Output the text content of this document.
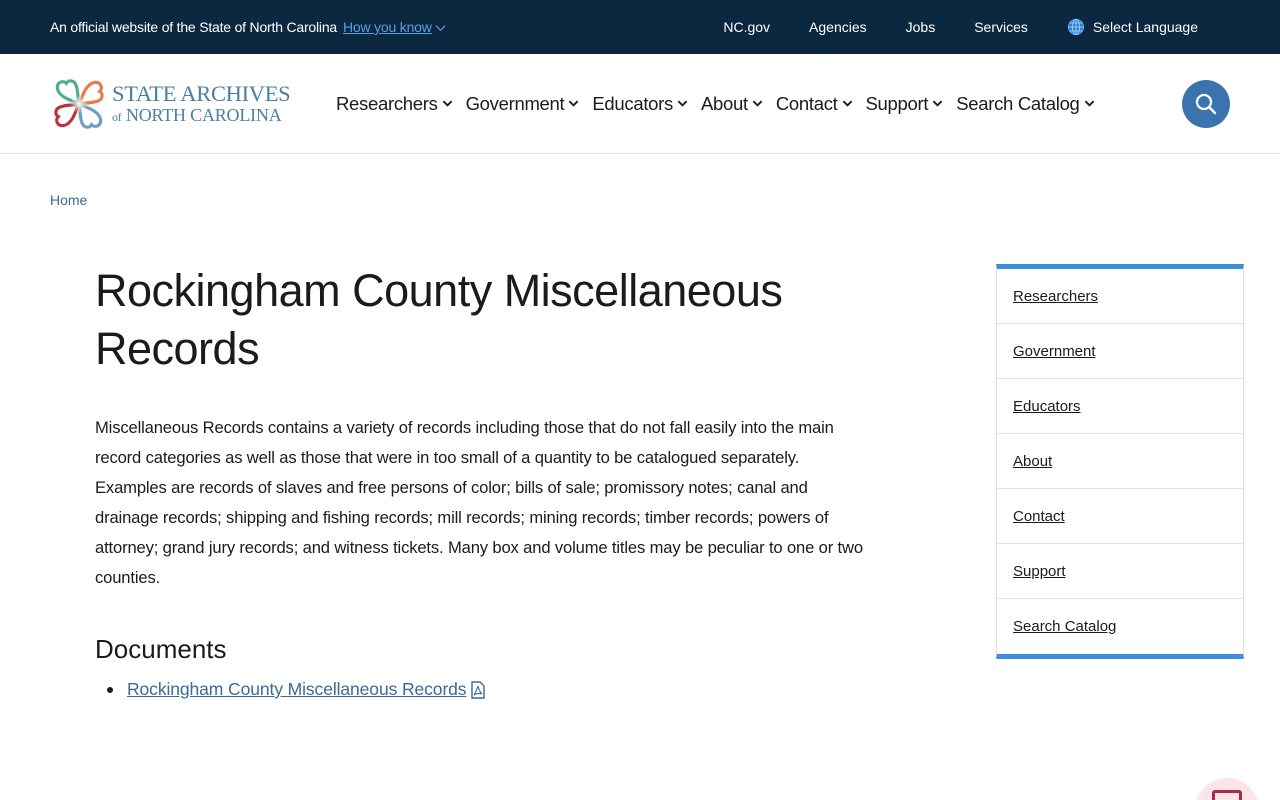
An official website of the State of North Carolina How you know	NC.gov	Agencies	Jobs	Services	Select Language
STATE ARCHIVES
of NORTH CAROLINA
Researchers Government Educators About Contact Support Search Catalog
Home
Rockingham County Miscellaneous Records

Miscellaneous Records contains a variety of records including those that do not fall easily into the main record categories as well as those that were in too small of a quantity to be catalogued separately. Examples are records of slaves and free persons of color; bills of sale; promissory notes; canal and drainage records; shipping and fishing records; mill records; mining records; timber records; powers of attorney; grand jury records; and witness tickets. Many box and volume titles may be peculiar to one or two counties.

Documents
Rockingham County Miscellaneous Records
Researchers
Government
Educators
About
Contact
Support
Search Catalog
